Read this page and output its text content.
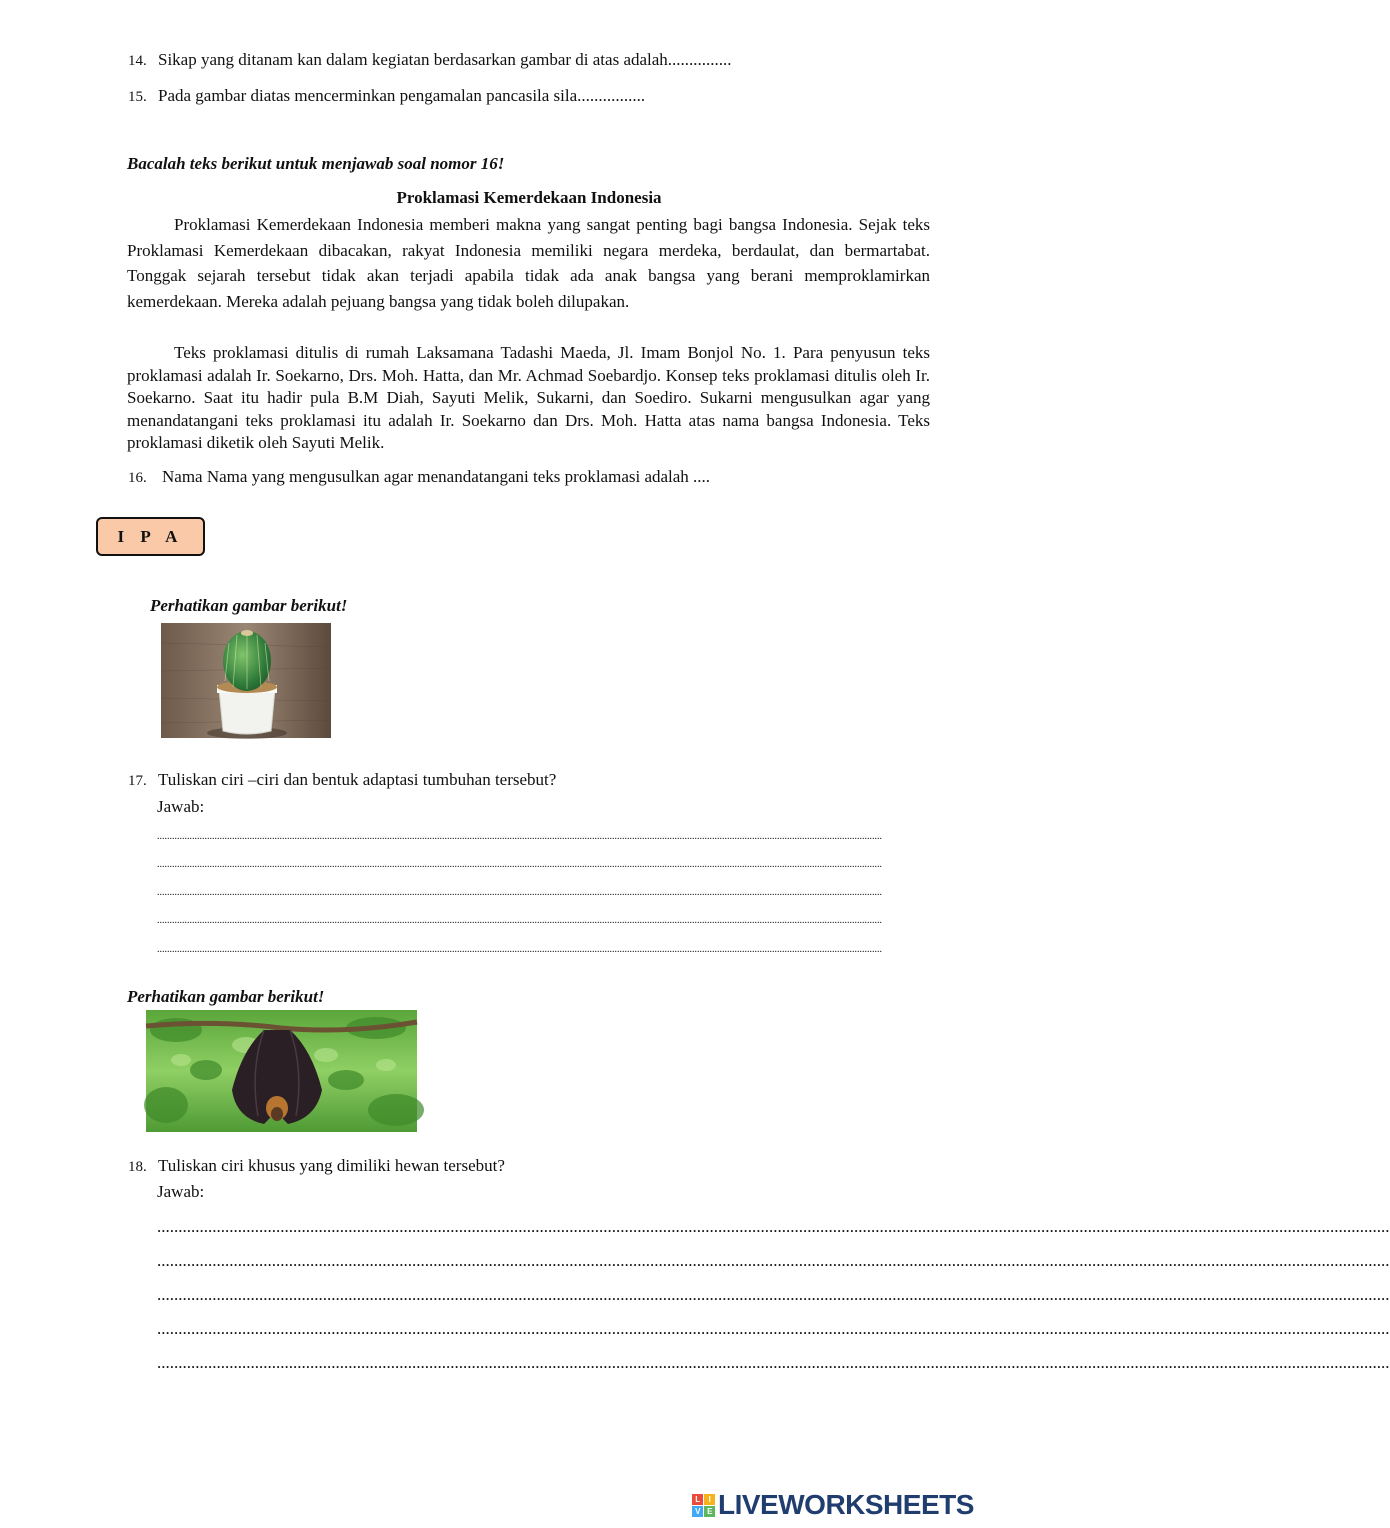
14. Sikap yang ditanam kan dalam kegiatan berdasarkan gambar di atas adalah...............
15. Pada gambar diatas mencerminkan pengamalan pancasila sila................
Bacalah teks berikut untuk menjawab soal nomor 16!
Proklamasi Kemerdekaan Indonesia
Proklamasi Kemerdekaan Indonesia memberi makna yang sangat penting bagi bangsa Indonesia. Sejak teks Proklamasi Kemerdekaan dibacakan, rakyat Indonesia memiliki negara merdeka, berdaulat, dan bermartabat. Tonggak sejarah tersebut tidak akan terjadi apabila tidak ada anak bangsa yang berani memproklamirkan kemerdekaan. Mereka adalah pejuang bangsa yang tidak boleh dilupakan.
Teks proklamasi ditulis di rumah Laksamana Tadashi Maeda, Jl. Imam Bonjol No. 1. Para penyusun teks proklamasi adalah Ir. Soekarno, Drs. Moh. Hatta, dan Mr. Achmad Soebardjo. Konsep teks proklamasi ditulis oleh Ir. Soekarno. Saat itu hadir pula B.M Diah, Sayuti Melik, Sukarni, dan Soediro. Sukarni mengusulkan agar yang menandatangani teks proklamasi itu adalah Ir. Soekarno dan Drs. Moh. Hatta atas nama bangsa Indonesia. Teks proklamasi diketik oleh Sayuti Melik.
16. Nama Nama yang mengusulkan agar menandatangani teks proklamasi adalah ....
I P A
Perhatikan gambar berikut!
17. Tuliskan ciri –ciri dan bentuk adaptasi tumbuhan tersebut?
Jawab:
..................................................................................................................................................................................................................................................................................................
..................................................................................................................................................................................................................................................................................................
..................................................................................................................................................................................................................................................................................................
..................................................................................................................................................................................................................................................................................................
..................................................................................................................................................................................................................................................................................................
Perhatikan gambar berikut!
18. Tuliskan ciri khusus yang dimiliki hewan tersebut?
Jawab:
..................................................................................................................................................................................................................................................................................................
..................................................................................................................................................................................................................................................................................................
..................................................................................................................................................................................................................................................................................................
..................................................................................................................................................................................................................................................................................................
..................................................................................................................................................................................................................................................................................................
L	I
V E LIVEWORKSHEETS
